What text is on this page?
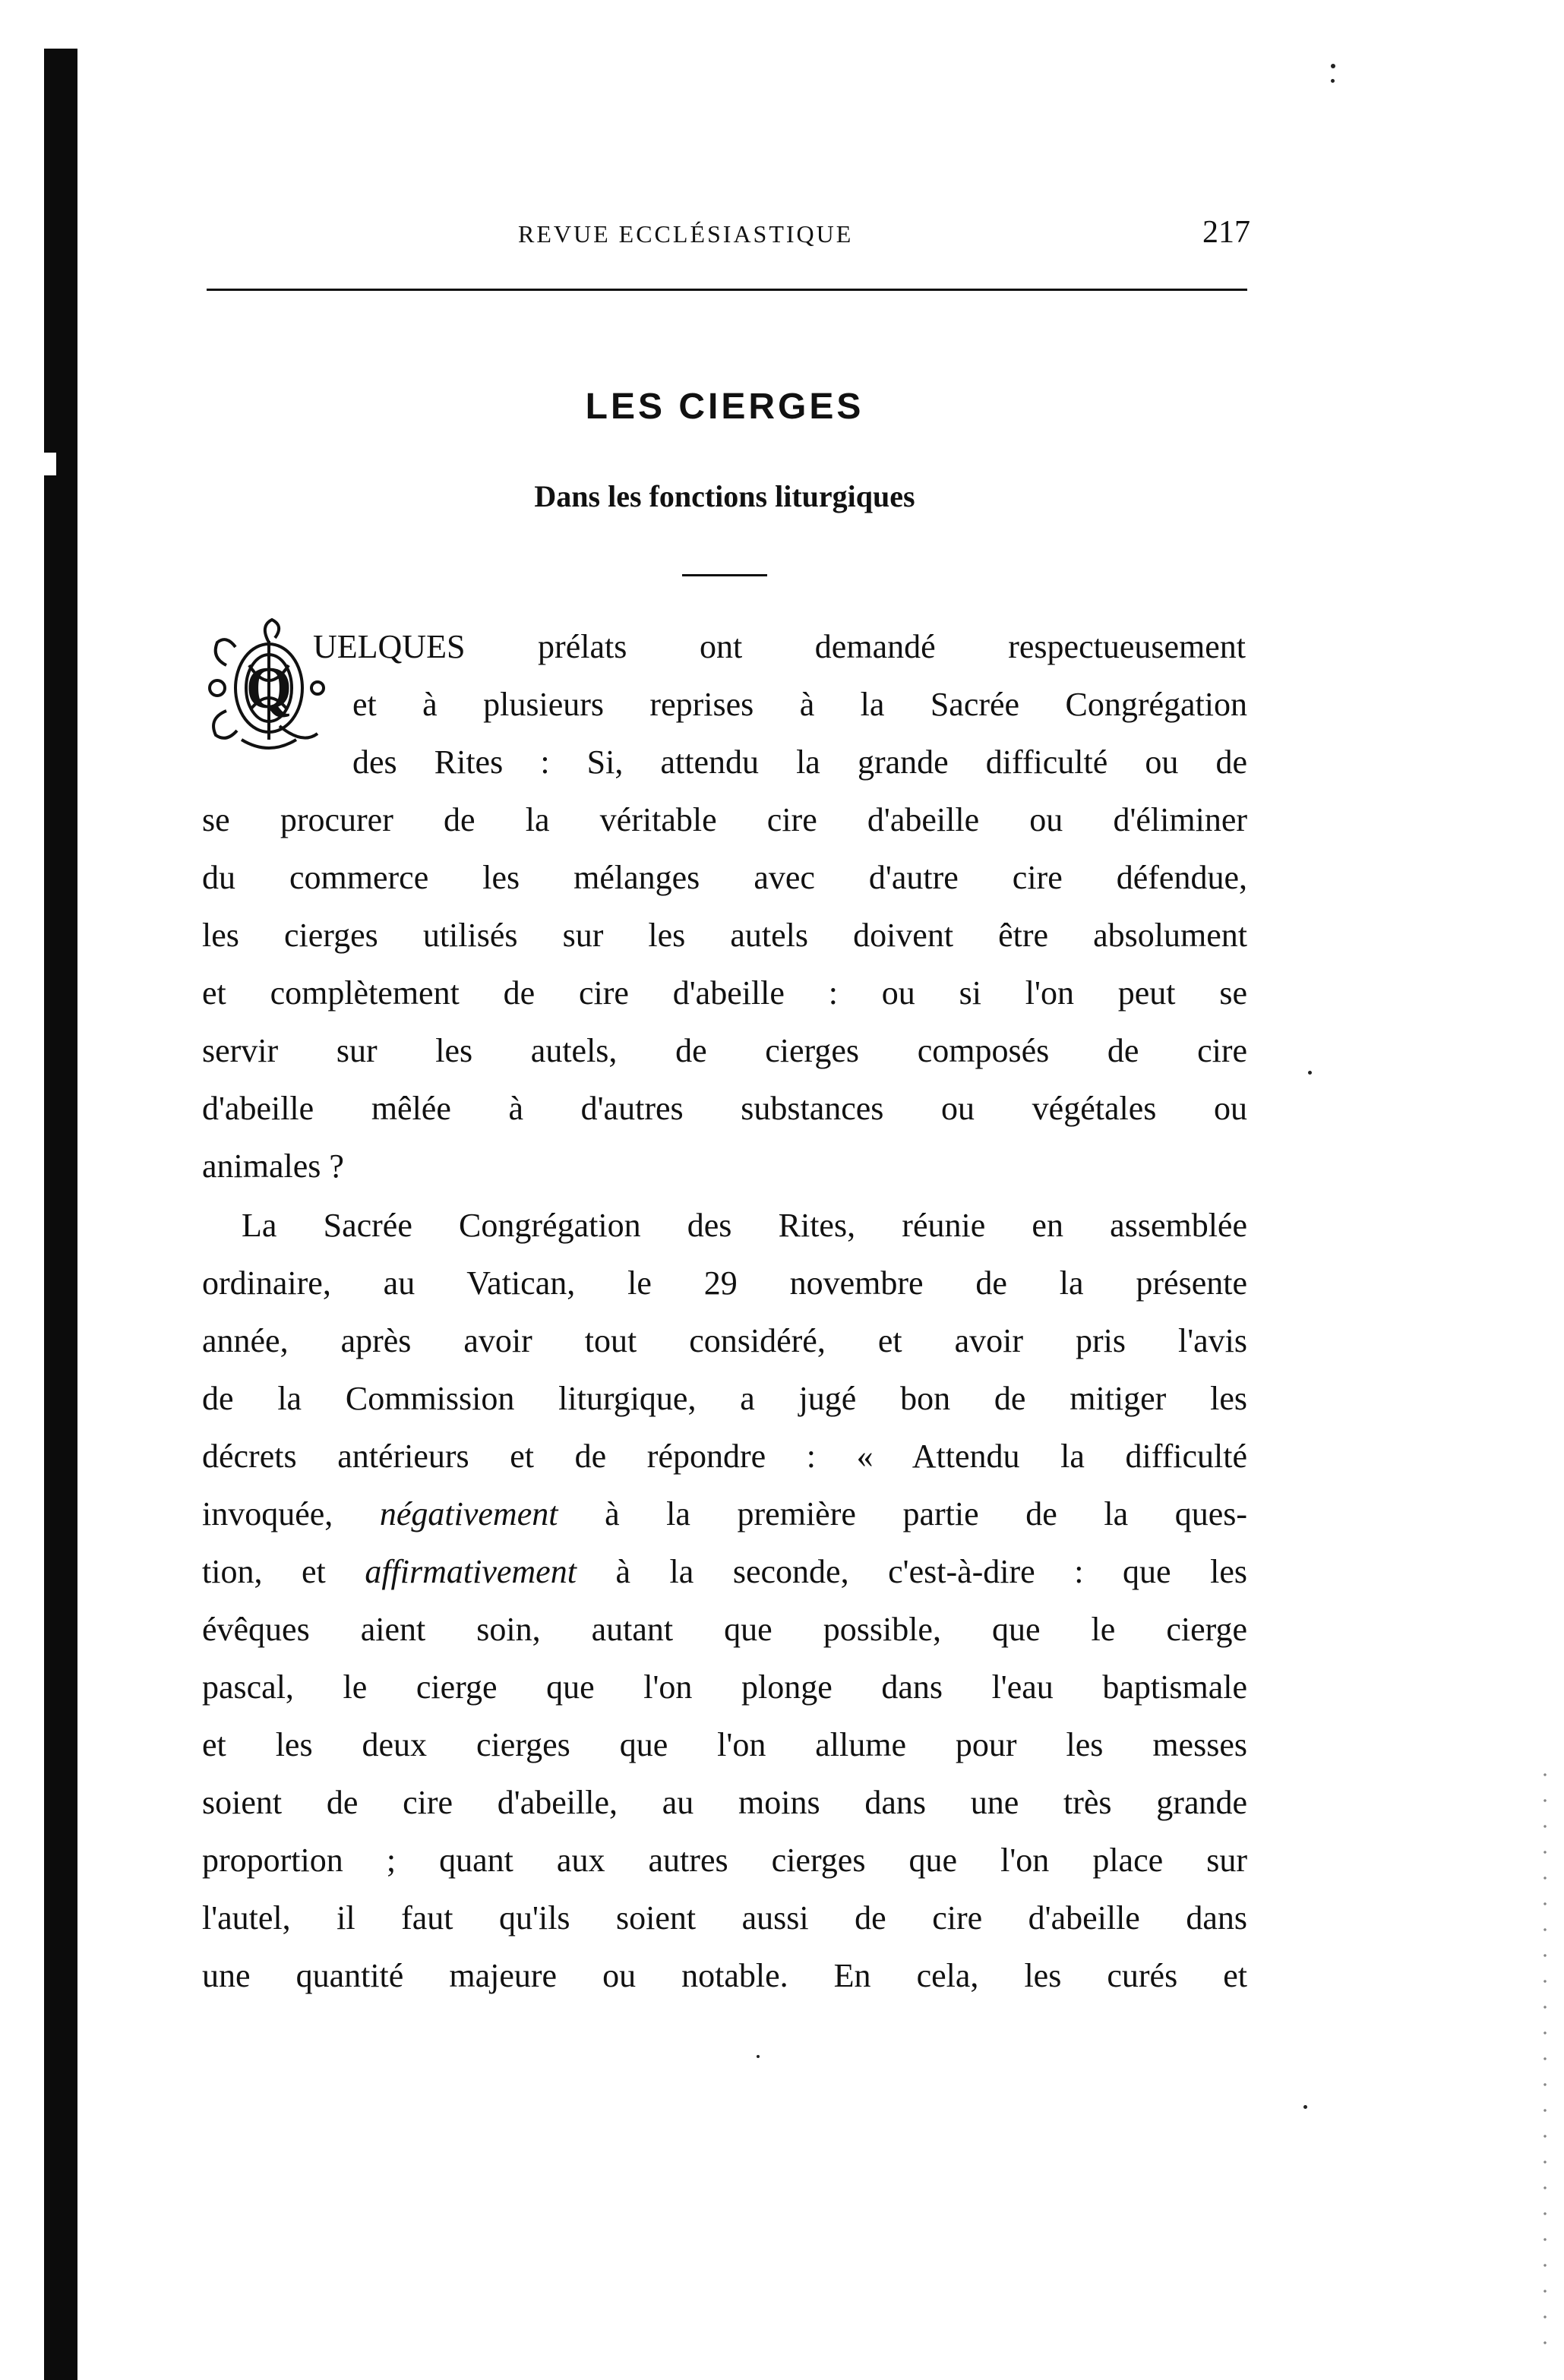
REVUE ECCLÉSIASTIQUE	217
LES CIERGES
Dans les fonctions liturgiques
Q
UELQUES prélats ont demandé respectueusement
et à plusieurs reprises à la Sacrée Congrégation
des Rites : Si, attendu la grande difficulté ou de
se procurer de la véritable cire d'abeille ou d'éliminer
du commerce les mélanges avec d'autre cire défendue,
les cierges utilisés sur les autels doivent être absolument
et complètement de cire d'abeille : ou si l'on peut se
servir sur les autels, de cierges composés de cire
d'abeille mêlée à d'autres substances ou végétales ou
animales ?
La Sacrée Congrégation des Rites, réunie en assemblée
ordinaire, au Vatican, le 29 novembre de la présente
année, après avoir tout considéré, et avoir pris l'avis
de la Commission liturgique, a jugé bon de mitiger les
décrets antérieurs et de répondre : « Attendu la difficulté
invoquée, négativement à la première partie de la ques-
tion, et affirmativement à la seconde, c'est-à-dire : que les
évêques aient soin, autant que possible, que le cierge
pascal, le cierge que l'on plonge dans l'eau baptismale
et les deux cierges que l'on allume pour les messes
soient de cire d'abeille, au moins dans une très grande
proportion ; quant aux autres cierges que l'on place sur
l'autel, il faut qu'ils soient aussi de cire d'abeille dans
une quantité majeure ou notable. En cela, les curés et
